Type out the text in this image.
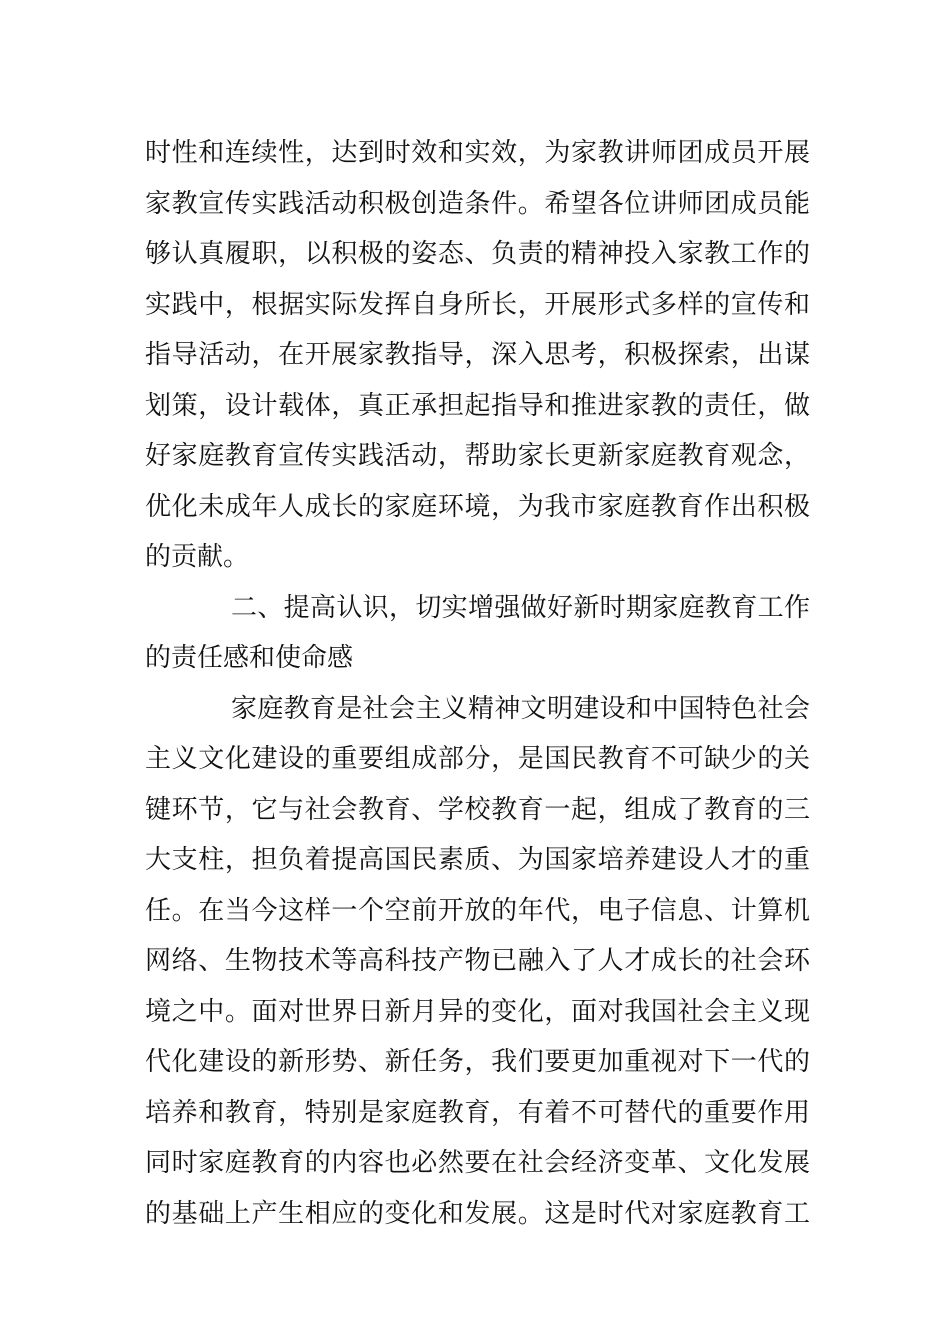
时性和连续性，达到时效和实效，为家教讲师团成员开展
家教宣传实践活动积极创造条件。希望各位讲师团成员能
够认真履职，以积极的姿态、负责的精神投入家教工作的
实践中，根据实际发挥自身所长，开展形式多样的宣传和
指导活动，在开展家教指导，深入思考，积极探索，出谋
划策，设计载体，真正承担起指导和推进家教的责任，做
好家庭教育宣传实践活动，帮助家长更新家庭教育观念，
优化未成年人成长的家庭环境，为我市家庭教育作出积极
的贡献。
二、提高认识，切实增强做好新时期家庭教育工作
的责任感和使命感
家庭教育是社会主义精神文明建设和中国特色社会
主义文化建设的重要组成部分，是国民教育不可缺少的关
键环节，它与社会教育、学校教育一起，组成了教育的三
大支柱，担负着提高国民素质、为国家培养建设人才的重
任。在当今这样一个空前开放的年代，电子信息、计算机
网络、生物技术等高科技产物已融入了人才成长的社会环
境之中。面对世界日新月异的变化，面对我国社会主义现
代化建设的新形势、新任务，我们要更加重视对下一代的
培养和教育，特别是家庭教育，有着不可替代的重要作用
同时家庭教育的内容也必然要在社会经济变革、文化发展
的基础上产生相应的变化和发展。这是时代对家庭教育工
